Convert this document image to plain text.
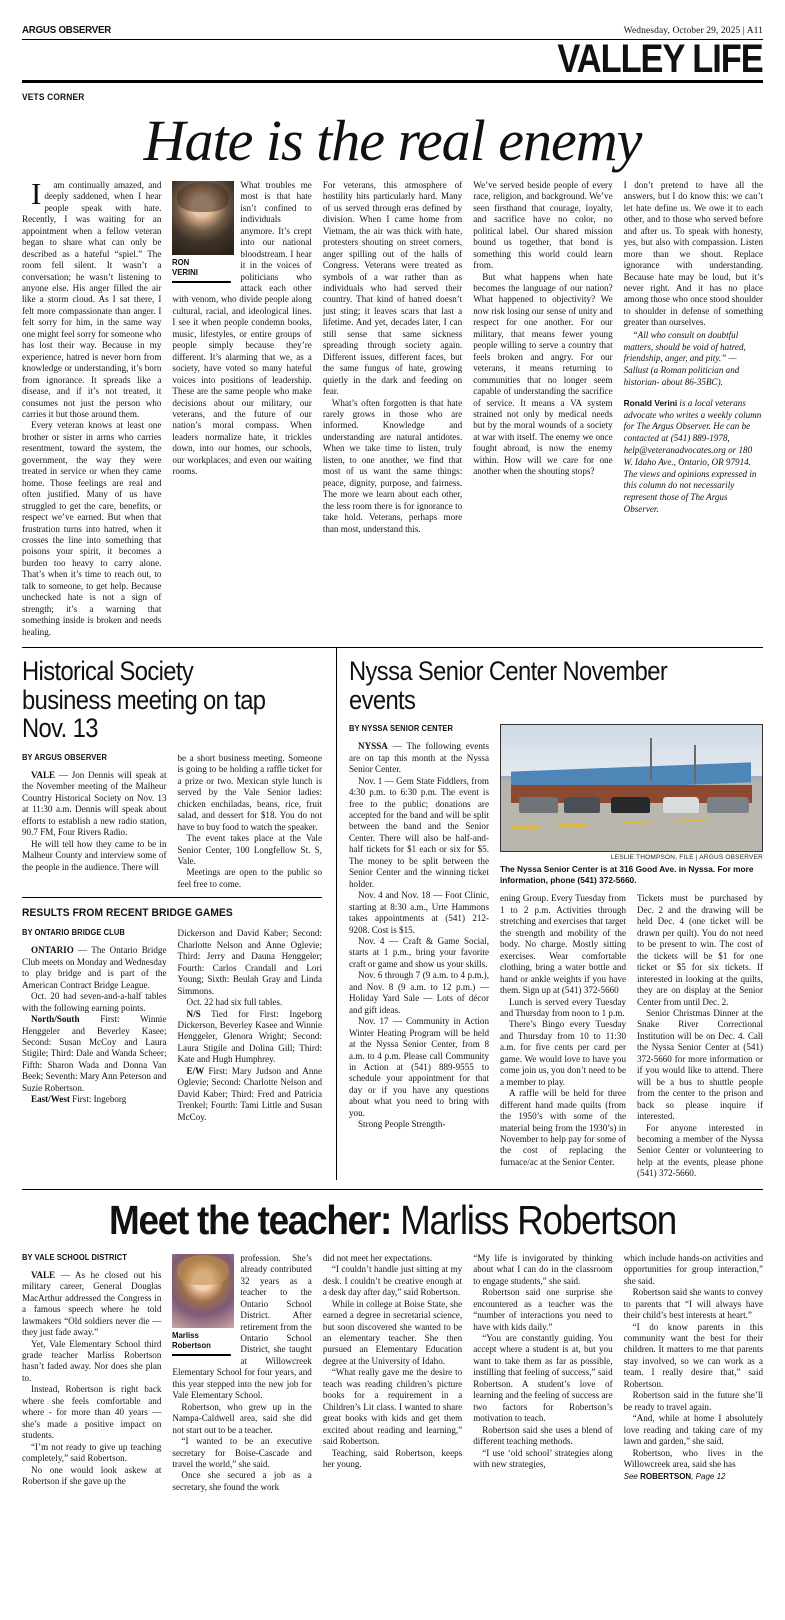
ARGUS OBSERVER	Wednesday, October 29, 2025 | A11
VALLEY LIFE
VETS CORNER
Hate is the real enemy

Iam continually amazed, and deeply saddened, when I hear people speak with hate. Recently, I was waiting for an appointment when a fellow veteran began to share what can only be described as a hateful “spiel.” The room fell silent. It wasn’t a conversation; he wasn’t listening to anyone else. His anger filled the air like a storm cloud. As I sat there, I felt more compassionate than anger. I felt sorry for him, in the same way one might feel sorry for someone who has lost their way. Because in my experience, hatred is never born from knowledge or understanding, it’s born from ignorance. It spreads like a disease, and if it’s not treated, it consumes not just the person who carries it but those around them.

Every veteran knows at least one brother or sister in arms who carries resentment, toward the system, the government, the way they were treated in service or when they came home. Those feelings are real and often justified. Many of us have struggled to get the care, benefits, or respect we’ve earned. But when that frustration turns into hatred, when it crosses the line into something that poisons your spirit, it becomes a burden too heavy to carry alone. That’s when it’s time to reach out, to talk to someone, to get help. Because unchecked hate is not a sign of strength; it’s a warning that something inside is broken and needs healing.

RON
VERINI

What troubles me most is that hate isn’t confined to individuals anymore. It’s crept into our national bloodstream. I hear it in the voices of politicians who attack each other with venom, who divide people along cultural, racial, and ideological lines. I see it when people condemn books, music, lifestyles, or entire groups of people simply because they’re different. It’s alarming that we, as a society, have voted so many hateful voices into positions of leadership. These are the same people who make decisions about our military, our veterans, and the future of our nation’s moral compass. When leaders normalize hate, it trickles down, into our homes, our schools, our workplaces, and even our waiting rooms.

For veterans, this atmosphere of hostility hits particularly hard. Many of us served through eras defined by division. When I came home from Vietnam, the air was thick with hate, protesters shouting on street corners, anger spilling out of the halls of Congress. Veterans were treated as symbols of a war rather than as individuals who had served their country. That kind of hatred doesn’t just sting; it leaves scars that last a lifetime. And yet, decades later, I can still sense that same sickness spreading through society again. Different issues, different faces, but the same fungus of hate, growing quietly in the dark and feeding on fear.

What’s often forgotten is that hate rarely grows in those who are informed. Knowledge and understanding are natural antidotes. When we take time to listen, truly listen, to one another, we find that most of us want the same things: peace, dignity, purpose, and fairness. The more we learn about each other, the less room there is for ignorance to take hold. Veterans, perhaps more than most, understand this.

We’ve served beside people of every race, religion, and background. We’ve seen firsthand that courage, loyalty, and sacrifice have no color, no political label. Our shared mission bound us together, that bond is something this world could learn from.

But what happens when hate becomes the language of our nation? What happened to objectivity? We now risk losing our sense of unity and respect for one another. For our military, that means fewer young people willing to serve a country that feels broken and angry. For our veterans, it means returning to communities that no longer seem capable of understanding the sacrifice of service. It means a VA system strained not only by medical needs but by the moral wounds of a society at war with itself. The enemy we once fought abroad, is now the enemy within. How will we care for one another when the shouting stops?

I don’t pretend to have all the answers, but I do know this: we can’t let hate define us. We owe it to each other, and to those who served before and after us. To speak with honesty, yes, but also with compassion. Listen more than we shout. Replace ignorance with understanding. Because hate may be loud, but it’s never right. And it has no place among those who once stood shoulder to shoulder in defense of something greater than ourselves.

“All who consult on doubtful matters, should be void of hatred, friendship, anger, and pity.” — Sallust (a Roman politician and historian- about 86-35BC).

Ronald Verini is a local veterans advocate who writes a weekly column for The Argus Observer. He can be contacted at (541) 889-1978, help@veteranadvocates.org or 180 W. Idaho Ave., Ontario, OR 97914. The views and opinions expressed in this column do not necessarily represent those of The Argus Observer.

Historical Society business meeting on tap Nov. 13
BY ARGUS OBSERVER

VALE — Jon Dennis will speak at the November meeting of the Malheur Country Historical Society on Nov. 13 at 11:30 a.m. Dennis will speak about efforts to establish a new radio station, 90.7 FM, Four Rivers Radio.

He will tell how they came to be in Malheur County and interview some of the people in the audience. There will

be a short business meeting. Someone is going to be holding a raffle ticket for a prize or two. Mexican style lunch is served by the Vale Senior ladies: chicken enchiladas, beans, rice, fruit salad, and dessert for $18. You do not have to buy food to watch the speaker.

The event takes place at the Vale Senior Center, 100 Longfellow St. S, Vale.

Meetings are open to the public so feel free to come.

RESULTS FROM RECENT BRIDGE GAMES
BY ONTARIO BRIDGE CLUB

ONTARIO — The Ontario Bridge Club meets on Monday and Wednesday to play bridge and is part of the American Contract Bridge League.

Oct. 20 had seven-and-a-half tables with the following earning points.

North/South First: Winnie Henggeler and Beverley Kasee; Second: Susan McCoy and Laura Stigile; Third: Dale and Wanda Scheer; Fifth: Sharon Wada and Donna Van Beek; Seventh: Mary Ann Peterson and Suzie Robertson.

East/West First: Ingeborg

Dickerson and David Kaber; Second: Charlotte Nelson and Anne Oglevie; Third: Jerry and Dauna Henggeler; Fourth: Carlos Crandall and Lori Young; Sixth: Beulah Gray and Linda Simmons.

Oct. 22 had six full tables.

N/S Tied for First: Ingeborg Dickerson, Beverley Kasee and Winnie Henggeler, Glenora Wright; Second: Laura Stigile and Dolina Gill; Third: Kate and Hugh Humphrey.

E/W First: Mary Judson and Anne Oglevie; Second: Charlotte Nelson and David Kaber; Third: Fred and Patricia Trenkel; Fourth: Tami Little and Susan McCoy.

Nyssa Senior Center November events
BY NYSSA SENIOR CENTER

NYSSA — The following events are on tap this month at the Nyssa Senior Center.

Nov. 1 — Gem State Fiddlers, from 4:30 p.m. to 6:30 p.m. The event is free to the public; donations are accepted for the band and will be split between the band and the Senior Center. There will also be half-and-half tickets for $1 each or six for $5. The money to be split between the Senior Center and the winning ticket holder.

Nov. 4 and Nov. 18 — Foot Clinic, starting at 8:30 a.m., Urte Hammons takes appointments at (541) 212-9208. Cost is $15.

Nov. 4 — Craft & Game Social, starts at 1 p.m., bring your favorite craft or game and show us your skills.

Nov. 6 through 7 (9 a.m. to 4 p.m.), and Nov. 8 (9 a.m. to 12 p.m.) — Holiday Yard Sale — Lots of décor and gift ideas.

Nov. 17 — Community in Action Winter Heating Program will be held at the Nyssa Senior Center, from 8 a.m. to 4 p.m. Please call Community in Action at (541) 889-9555 to schedule your appointment for that day or if you have any questions about what you need to bring with you.

Strong People Strength-

LESLIE THOMPSON, FILE | ARGUS OBSERVER
The Nyssa Senior Center is at 316 Good Ave. in Nyssa. For more information, phone (541) 372-5660.

ening Group. Every Tuesday from 1 to 2 p.m. Activities through stretching and exercises that target the strength and mobility of the body. No charge. Mostly sitting exercises. Wear comfortable clothing, bring a water bottle and hand or ankle weights if you have them. Sign up at (541) 372-5660

Lunch is served every Tuesday and Thursday from noon to 1 p.m.

There’s Bingo every Tuesday and Thursday from 10 to 11:30 a.m. for five cents per card per game. We would love to have you come join us, you don’t need to be a member to play.

A raffle will be held for three different hand made quilts (from the 1950’s with some of the material being from the 1930’s) in November to help pay for some of the cost of replacing the furnace/ac at the Senior Center.

Tickets must be purchased by Dec. 2 and the drawing will be held Dec. 4 (one ticket will be drawn per quilt). You do not need to be present to win. The cost of the tickets will be $1 for one ticket or $5 for six tickets. If interested in looking at the quilts, they are on display at the Senior Center from until Dec. 2.

Senior Christmas Dinner at the Snake River Correctional Institution will be on Dec. 4. Call the Nyssa Senior Center at (541) 372-5660 for more information or if you would like to attend. There will be a bus to shuttle people from the center to the prison and back so please inquire if interested.

For anyone interested in becoming a member of the Nyssa Senior Center or volunteering to help at the events, please phone (541) 372-5660.

Meet the teacher: Marliss Robertson
BY VALE SCHOOL DISTRICT

VALE — As he closed out his military career, General Douglas MacArthur addressed the Congress in a famous speech where he told lawmakers “Old soldiers never die — they just fade away.”

Yet, Vale Elementary School third grade teacher Marliss Robertson hasn’t faded away. Nor does she plan to.

Instead, Robertson is right back where she feels comfortable and where - for more than 40 years — she’s made a positive impact on students.

“I’m not ready to give up teaching completely,” said Robertson.

No one would look askew at Robertson if she gave up the

Marliss
Robertson

profession. She’s already contributed 32 years as a teacher to the Ontario School District. After retirement from the Ontario School District, she taught at Willowcreek Elementary School for four years, and this year stepped into the new job for Vale Elementary School.

Robertson, who grew up in the Nampa-Caldwell area, said she did not start out to be a teacher.

“I wanted to be an executive secretary for Boise-Cascade and travel the world,” she said.

Once she secured a job as a secretary, she found the work

did not meet her expectations.

“I couldn’t handle just sitting at my desk. I couldn’t be creative enough at a desk day after day,” said Robertson.

While in college at Boise State, she earned a degree in secretarial science, but soon discovered she wanted to be an elementary teacher. She then pursued an Elementary Education degree at the University of Idaho.

“What really gave me the desire to teach was reading children’s picture books for a requirement in a Children’s Lit class. I wanted to share great books with kids and get them excited about reading and learning,” said Robertson.

Teaching, said Robertson, keeps her young.

“My life is invigorated by thinking about what I can do in the classroom to engage students,” she said.

Robertson said one surprise she encountered as a teacher was the “number of interactions you need to have with kids daily.”

“You are constantly guiding. You accept where a student is at, but you want to take them as far as possible, instilling that feeling of success,” said Robertson. A student’s love of learning and the feeling of success are two factors for Robertson’s motivation to teach.

Robertson said she uses a blend of different teaching methods.

“I use ‘old school’ strategies along with new strategies,

which include hands-on activities and opportunities for group interaction,” she said.

Robertson said she wants to convey to parents that “I will always have their child’s best interests at heart.”

“I do know parents in this community want the best for their children. It matters to me that parents stay involved, so we can work as a team. I really desire that,” said Robertson.

Robertson said in the future she’ll be ready to travel again.

“And, while at home I absolutely love reading and taking care of my lawn and garden,” she said.

Robertson, who lives in the Willowcreek area, said she has

See ROBERTSON, Page 12
